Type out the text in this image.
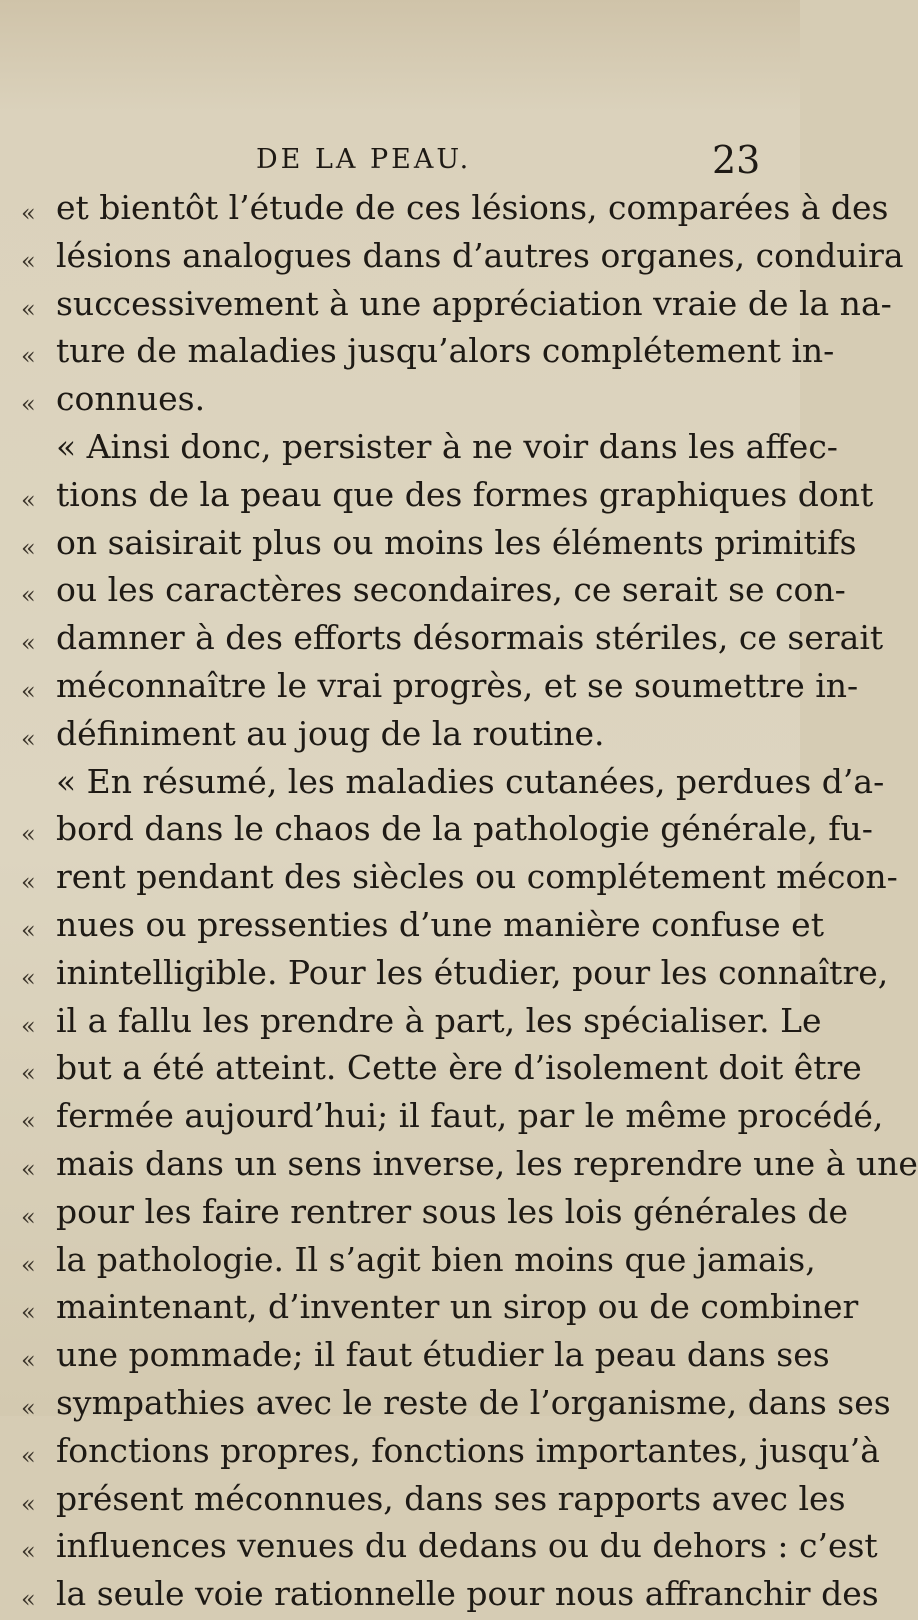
DE LA PEAU.	23
« et bientôt l’étude de ces lésions, comparées à des
« lésions analogues dans d’autres organes, conduira
« successivement à une appréciation vraie de la na-
« ture de maladies jusqu’alors complétement in-
« connues.
« Ainsi donc, persister à ne voir dans les affec-
« tions de la peau que des formes graphiques dont
« on saisirait plus ou moins les éléments primitifs
« ou les caractères secondaires, ce serait se con-
« damner à des efforts désormais stériles, ce serait
« méconnaître le vrai progrès, et se soumettre in-
« définiment au joug de la routine.
« En résumé, les maladies cutanées, perdues d’a-
« bord dans le chaos de la pathologie générale, fu-
« rent pendant des siècles ou complétement mécon-
« nues ou pressenties d’une manière confuse et
« inintelligible. Pour les étudier, pour les connaître,
« il a fallu les prendre à part, les spécialiser. Le
« but a été atteint. Cette ère d’isolement doit être
« fermée aujourd’hui; il faut, par le même procédé,
« mais dans un sens inverse, les reprendre une à une
« pour les faire rentrer sous les lois générales de
« la pathologie. Il s’agit bien moins que jamais,
« maintenant, d’inventer un sirop ou de combiner
« une pommade; il faut étudier la peau dans ses
« sympathies avec le reste de l’organisme, dans ses
« fonctions propres, fonctions importantes, jusqu’à
« présent méconnues, dans ses rapports avec les
« influences venues du dedans ou du dehors : c’est
« la seule voie rationnelle pour nous affranchir des
